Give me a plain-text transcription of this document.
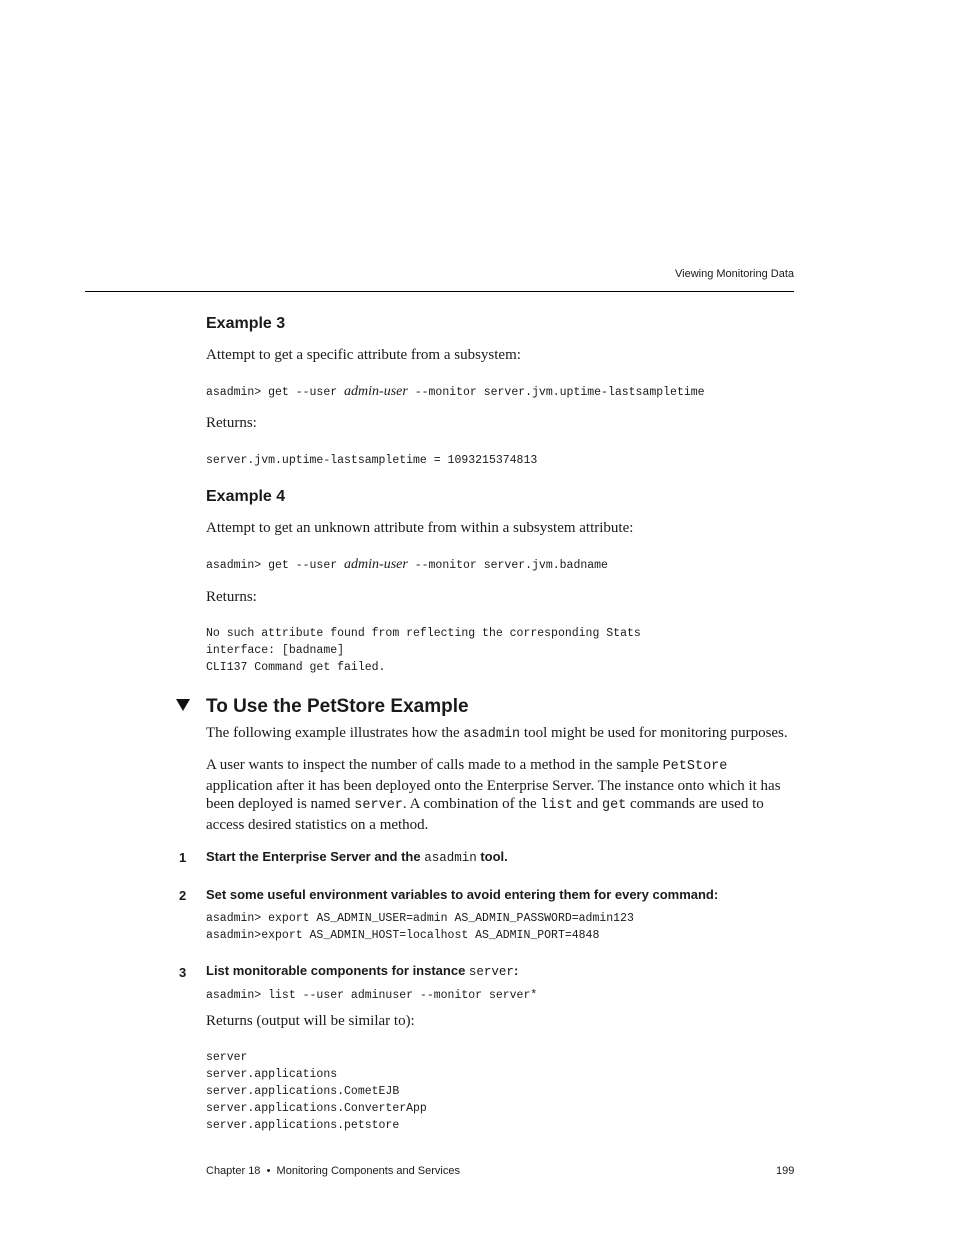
Viewing Monitoring Data
Example 3
Attempt to get a specific attribute from a subsystem:
asadmin> get --user admin-user --monitor server.jvm.uptime-lastsampletime
Returns:
server.jvm.uptime-lastsampletime = 1093215374813
Example 4
Attempt to get an unknown attribute from within a subsystem attribute:
asadmin> get --user admin-user --monitor server.jvm.badname
Returns:
No such attribute found from reflecting the corresponding Stats
interface: [badname]
CLI137 Command get failed.
To Use the PetStore Example
The following example illustrates how the asadmin tool might be used for monitoring purposes.
A user wants to inspect the number of calls made to a method in the sample PetStore
application after it has been deployed onto the Enterprise Server. The instance onto which it has
been deployed is named server. A combination of the list and get commands are used to
access desired statistics on a method.
1 Start the Enterprise Server and the asadmin tool.
2 Set some useful environment variables to avoid entering them for every command:
asadmin> export AS_ADMIN_USER=admin AS_ADMIN_PASSWORD=admin123
asadmin>export AS_ADMIN_HOST=localhost AS_ADMIN_PORT=4848
3 List monitorable components for instance server:
asadmin> list --user adminuser --monitor server*
Returns (output will be similar to):
server
server.applications
server.applications.CometEJB
server.applications.ConverterApp
server.applications.petstore
Chapter 18 • Monitoring Components and Services	199
